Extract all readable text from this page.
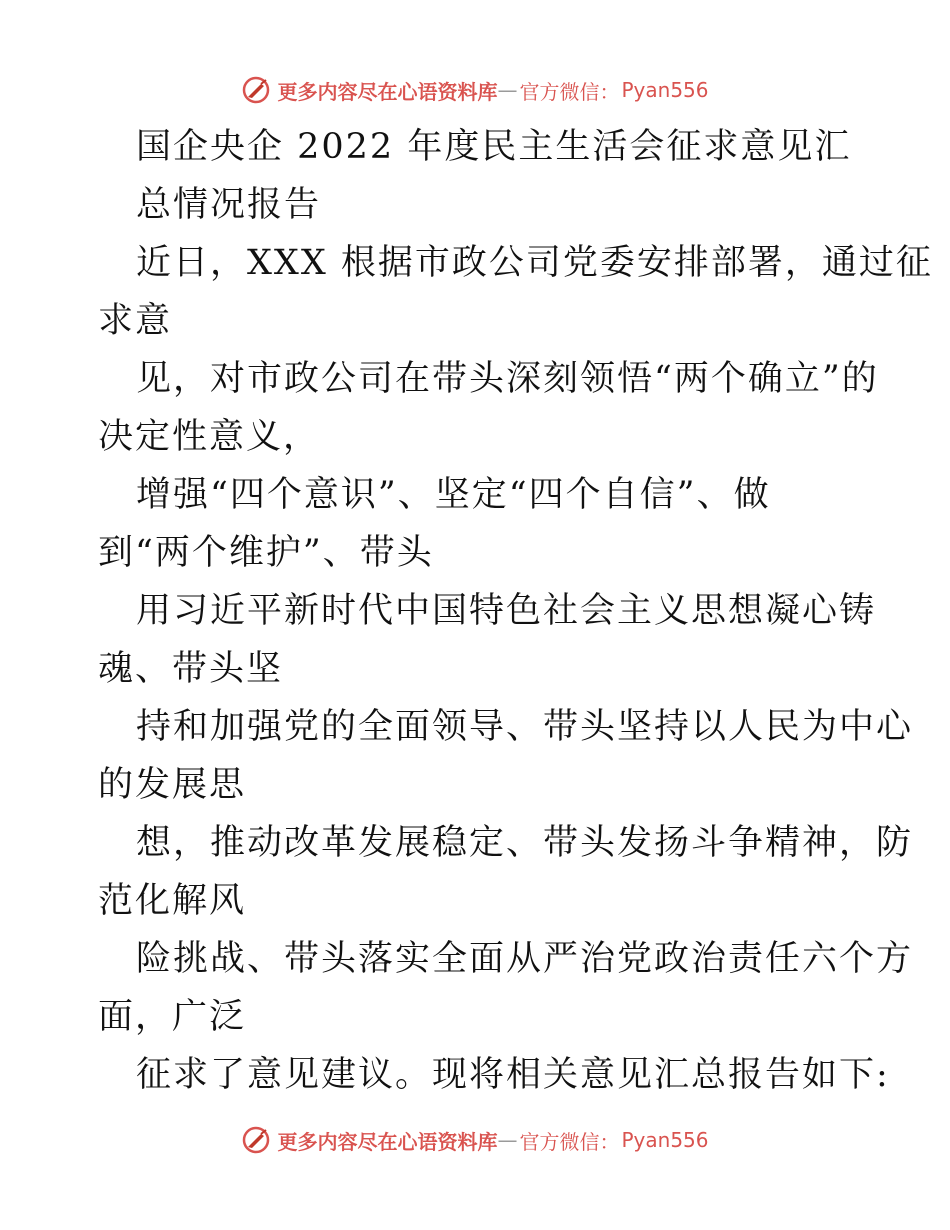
更多内容尽在心语资料库 — 官方微信： Pyan556
国企央企 2022 年度民主生活会征求意见汇
总情况报告
近日，XXX 根据市政公司党委安排部署，通过征
求意
见，对市政公司在带头深刻领悟“两个确立”的
决定性意义，
增强“四个意识”、坚定“四个自信”、做
到“两个维护”、带头
用习近平新时代中国特色社会主义思想凝心铸
魂、带头坚
持和加强党的全面领导、带头坚持以人民为中心
的发展思
想，推动改革发展稳定、带头发扬斗争精神，防
范化解风
险挑战、带头落实全面从严治党政治责任六个方
面，广泛
征求了意见建议。现将相关意见汇总报告如下:
更多内容尽在心语资料库 — 官方微信： Pyan556
